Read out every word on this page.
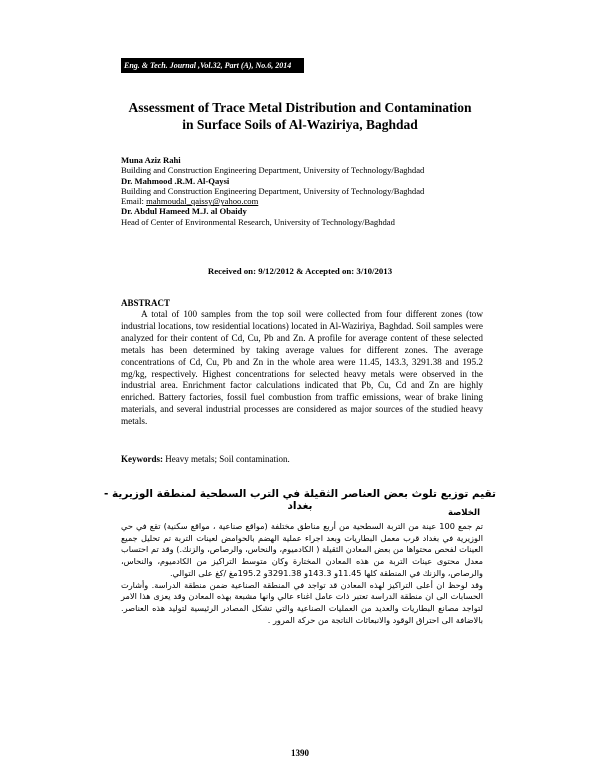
Eng. & Tech. Journal ,Vol.32, Part (A), No.6, 2014
Assessment of Trace Metal Distribution and Contamination
in Surface Soils of Al-Waziriya, Baghdad
Muna Aziz Rahi
Building and Construction Engineering Department, University of Technology/Baghdad
Dr. Mahmood .R.M. Al-Qaysi
Building and Construction Engineering Department, University of Technology/Baghdad
Email: mahmoudal_qaissy@yahoo.com
Dr. Abdul Hameed M.J. al Obaidy
Head of Center of Environmental Research, University of Technology/Baghdad
Received on: 9/12/2012 & Accepted on: 3/10/2013
ABSTRACT
A total of 100 samples from the top soil were collected from four different zones (tow industrial locations, tow residential locations) located in Al-Waziriya, Baghdad. Soil samples were analyzed for their content of Cd, Cu, Pb and Zn. A profile for average content of these selected metals has been determined by taking average values for different zones. The average concentrations of Cd, Cu, Pb and Zn in the whole area were 11.45, 143.3, 3291.38 and 195.2 mg/kg, respectively. Highest concentrations for selected heavy metals were observed in the industrial area. Enrichment factor calculations indicated that Pb, Cu, Cd and Zn are highly enriched. Battery factories, fossil fuel combustion from traffic emissions, wear of brake lining materials, and several industrial processes are considered as major sources of the studied heavy metals.
Keywords: Heavy metals; Soil contamination.
تقيم توزيع تلوث بعض العناصر الثقيلة في الترب السطحية لمنطقة الوزيرية - بغداد
الخلاصة

تم جمع 100 عينة من التربة السطحية من أربع مناطق مختلفة (مواقع صناعية ، مواقع سكنية) تقع في حي الوزيرية في بغداد قرب معمل البطاريات وبعد اجراء عملية الهضم بالحوامض لعينات التربة تم تحليل جميع العينات لفحص محتواها من بعض المعادن الثقيلة ( الكادميوم، والنحاس، والرصاص، والزنك.) وقد تم احتساب معدل محتوى عينات التربة من هذه المعادن المختارة وكان متوسط التراكيز من الكادميوم، والنحاس، والرصاص، والزنك في المنطقة كلها 11.45و 143.3و 3291.38و 195.2مغ /كغ على التوالي.

وقد لوحظ ان أعلى التراكيز لهذه المعادن قد تواجد في المنطقة الصناعية ضمن منطقة الدراسة. وأشارت الحسابات الى ان منطقة الدراسة تعتبر ذات عامل اغناء عالي وانها مشبعة بهذه المعادن وقد يعزى هذا الامر لتواجد مصانع البطاريات والعديد من العمليات الصناعية والتي تشكل المصادر الرئيسية لتوليد هذه العناصر. بالاضافة الى احتراق الوقود والانبعاثات الناتجة من حركة المرور .

1390
